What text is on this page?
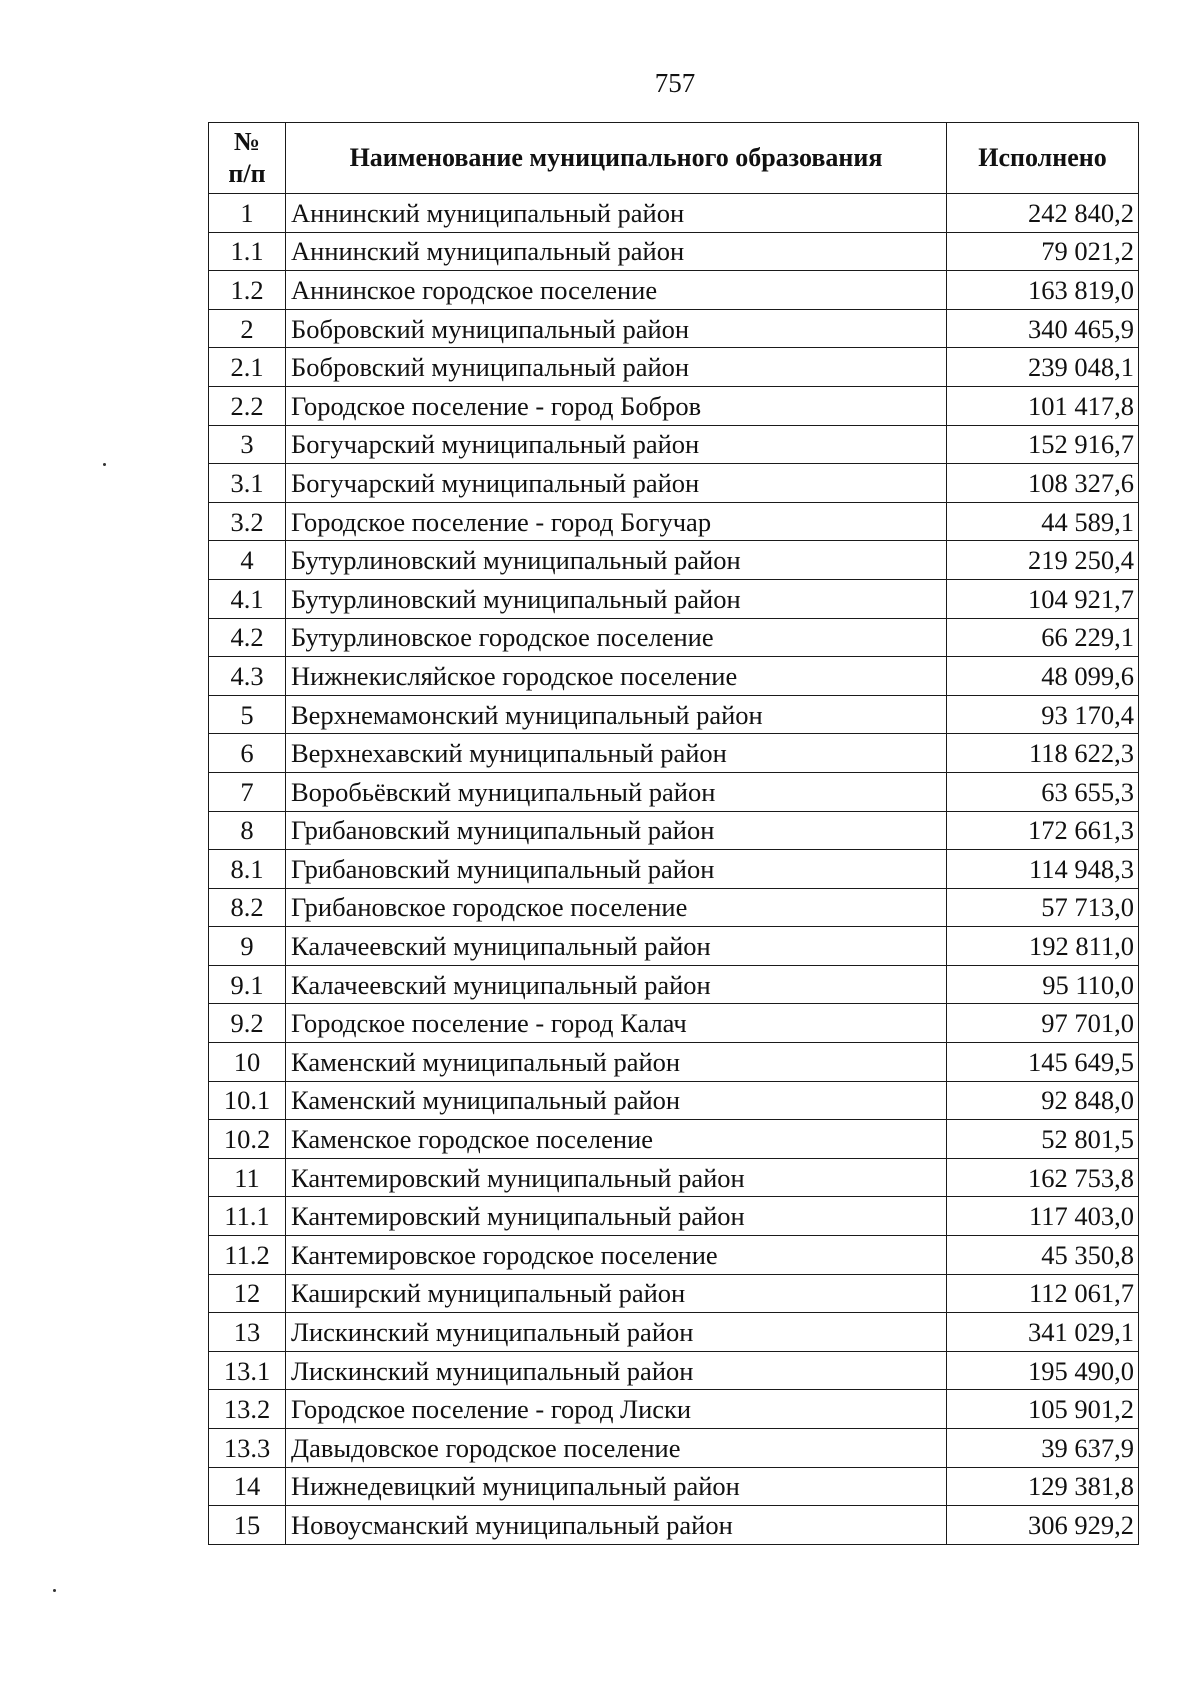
757
№
п/п	Наименование муниципального образования	Исполнено
1	Аннинский муниципальный район	242 840,2
1.1	Аннинский муниципальный район	79 021,2
1.2	Аннинское городское поселение	163 819,0
2	Бобровский муниципальный район	340 465,9
2.1	Бобровский муниципальный район	239 048,1
2.2	Городское поселение - город Бобров	101 417,8
3	Богучарский муниципальный район	152 916,7
3.1	Богучарский муниципальный район	108 327,6
3.2	Городское поселение - город Богучар	44 589,1
4	Бутурлиновский муниципальный район	219 250,4
4.1	Бутурлиновский муниципальный район	104 921,7
4.2	Бутурлиновское городское поселение	66 229,1
4.3	Нижнекисляйское городское поселение	48 099,6
5	Верхнемамонский муниципальный район	93 170,4
6	Верхнехавский муниципальный район	118 622,3
7	Воробьёвский муниципальный район	63 655,3
8	Грибановский муниципальный район	172 661,3
8.1	Грибановский муниципальный район	114 948,3
8.2	Грибановское городское поселение	57 713,0
9	Калачеевский муниципальный район	192 811,0
9.1	Калачеевский муниципальный район	95 110,0
9.2	Городское поселение - город Калач	97 701,0
10	Каменский муниципальный район	145 649,5
10.1	Каменский муниципальный район	92 848,0
10.2	Каменское городское поселение	52 801,5
11	Кантемировский муниципальный район	162 753,8
11.1	Кантемировский муниципальный район	117 403,0
11.2	Кантемировское городское поселение	45 350,8
12	Каширский муниципальный район	112 061,7
13	Лискинский муниципальный район	341 029,1
13.1	Лискинский муниципальный район	195 490,0
13.2	Городское поселение - город Лиски	105 901,2
13.3	Давыдовское городское поселение	39 637,9
14	Нижнедевицкий муниципальный район	129 381,8
15	Новоусманский муниципальный район	306 929,2
